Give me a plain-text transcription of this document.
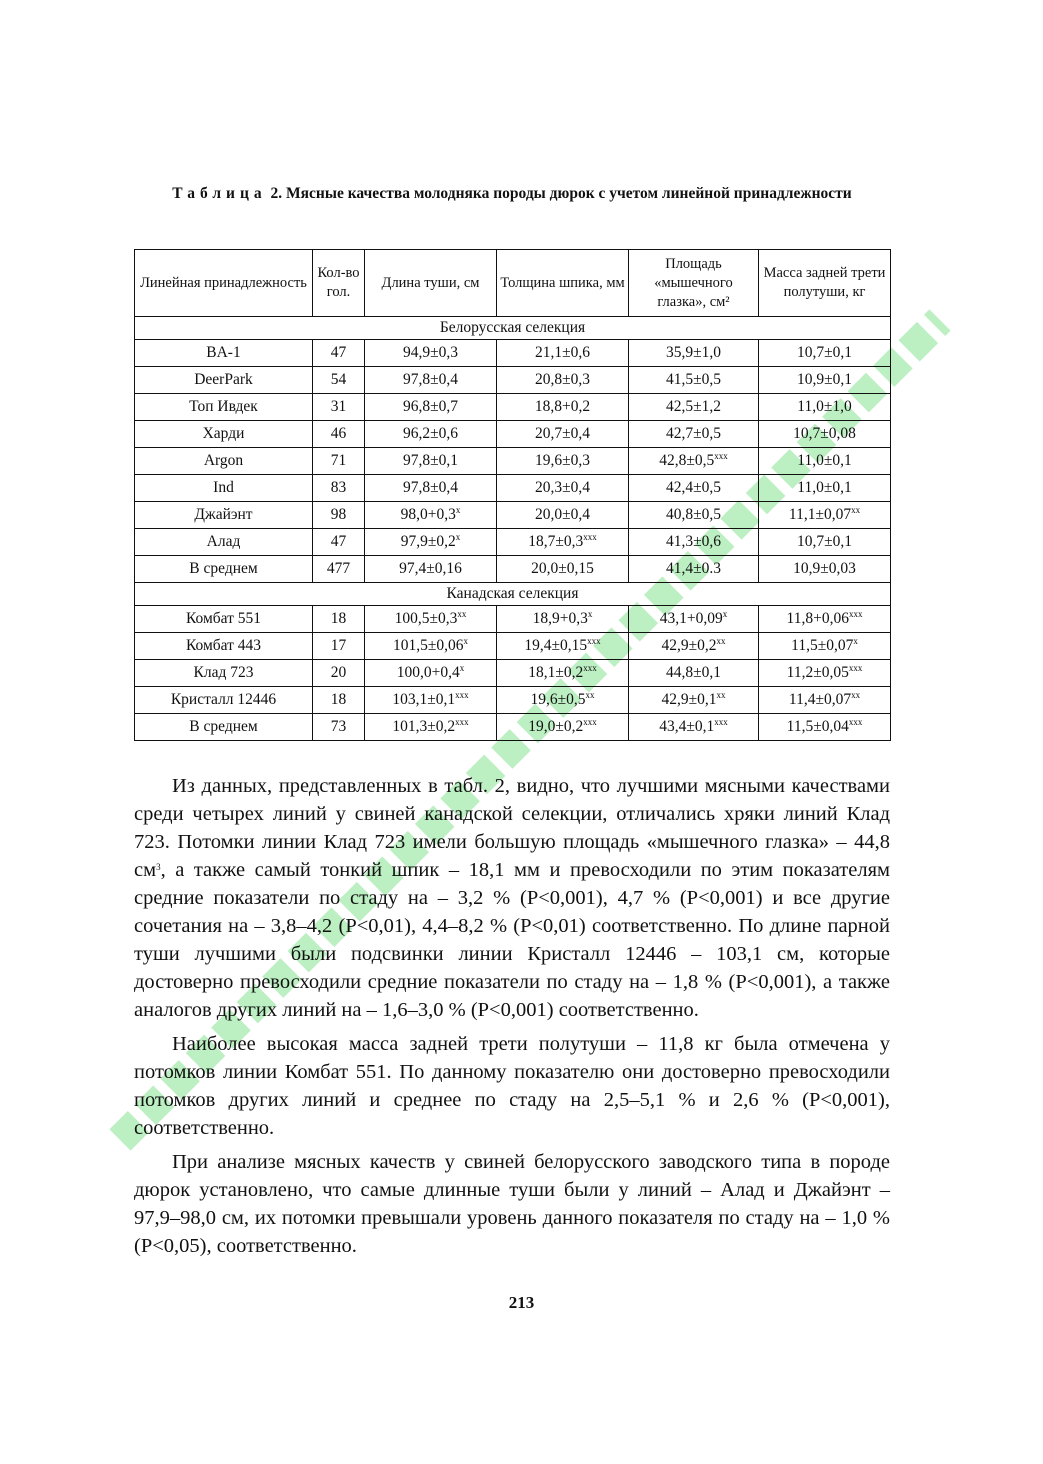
Таблица 2. Мясные качества молодняка породы дюрок с учетом линейной принадлежности
Линейная принадлежность	Кол-во гол.	Длина туши, см	Толщина шпика, мм	Площадь «мышечного глазка», см²	Масса задней трети полутуши, кг
Белорусская селекция					
BA-1	47	94,9±0,3	21,1±0,6	35,9±1,0	10,7±0,1
DeerPark	54	97,8±0,4	20,8±0,3	41,5±0,5	10,9±0,1
Топ Ивдек	31	96,8±0,7	18,8+0,2	42,5±1,2	11,0±1,0
Харди	46	96,2±0,6	20,7±0,4	42,7±0,5	10,7±0,08
Argon	71	97,8±0,1	19,6±0,3	$42,8\pm 0,5^{ххх}$	11,0±0,1
Ind	83	97,8±0,4	20,3±0,4	42,4±0,5	11,0±0,1
Джайэнт	98	$98,0+0,3^х$	20,0±0,4	40,8±0,5	$11,1\pm 0,07^{хх}$
Алад	47	$97,9\pm 0,2^х$	$18,7\pm 0,3^{ххх}$	41,3±0,6	10,7±0,1
В среднем	477	97,4±0,16	20,0±0,15	41,4±0.3	10,9±0,03
Канадская селекция					
Комбат 551	18	$100,5\pm 0,3^{хх}$	$18,9+0,3^х$	$43,1+0,09^х$	$11,8+0,06^{ххх}$
Комбат 443	17	$101,5\pm 0,06^х$	$19,4\pm 0,15^{ххх}$	$42,9\pm 0,2^{хх}$	$11,5\pm 0,07^х$
Клад 723	20	$100,0+0,4^х$	$18,1\pm 0,2^{ххх}$	44,8±0,1	$11,2\pm 0,05^{ххх}$
Кристалл 12446	18	$103,1\pm 0,1^{ххх}$	$19,6\pm 0,5^{хх}$	$42,9\pm 0,1^{хх}$	$11,4\pm 0,07^{хх}$
В среднем	73	$101,3\pm 0,2^{ххх}$	$19,0\pm 0,2^{ххх}$	$43,4\pm 0,1^{ххх}$	$11,5\pm 0,04^{ххх}$

Из данных, представленных в табл. 2, видно, что лучшими мясными качествами среди четырех линий у свиней канадской селекции, отличались хряки линий Клад 723. Потомки линии Клад 723 имели большую площадь «мышечного глазка» – 44,8 $см^3$, а также самый тонкий шпик – 18,1 мм и превосходили по этим показателям средние показатели по стаду на – 3,2 % (P<0,001), 4,7 % (P<0,001) и все другие сочетания на – 3,8–4,2 (P<0,01), 4,4–8,2 % (P<0,01) соответственно. По длине парной туши лучшими были подсвинки линии Кристалл 12446 – 103,1 см, которые достоверно превосходили средние показатели по стаду на – 1,8 % (P<0,001), а также аналогов других линий на – 1,6–3,0 % (P<0,001) соответственно.

Наиболее высокая масса задней трети полутуши – 11,8 кг была отмечена у потомков линии Комбат 551. По данному показателю они достоверно превосходили потомков других линий и среднее по стаду на 2,5–5,1 % и 2,6 % (P<0,001), соответственно.

При анализе мясных качеств у свиней белорусского заводского типа в породе дюрок установлено, что самые длинные туши были у линий – Алад и Джайэнт – 97,9–98,0 см, их потомки превышали уровень данного показателя по стаду на – 1,0 % (P<0,05), соответственно.

213
